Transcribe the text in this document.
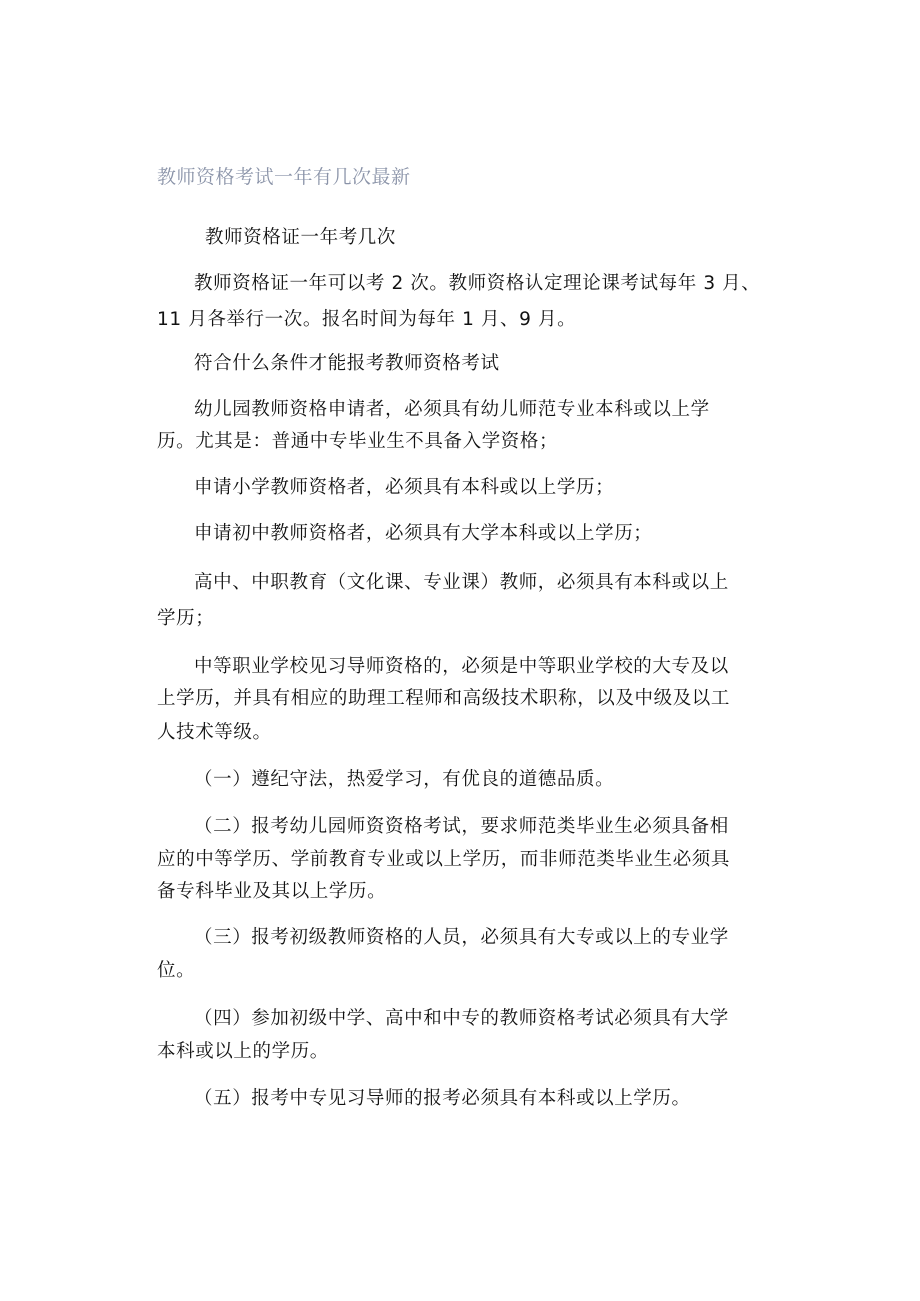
教师资格考试一年有几次最新
教师资格证一年考几次
教师资格证一年可以考 2 次。教师资格认定理论课考试每年 3 月、
11 月各举行一次。报名时间为每年 1 月、9 月。
符合什么条件才能报考教师资格考试
幼儿园教师资格申请者，必须具有幼儿师范专业本科或以上学
历。尤其是：普通中专毕业生不具备入学资格；
申请小学教师资格者，必须具有本科或以上学历；
申请初中教师资格者，必须具有大学本科或以上学历；
高中、中职教育（文化课、专业课）教师，必须具有本科或以上
学历；
中等职业学校见习导师资格的，必须是中等职业学校的大专及以
上学历，并具有相应的助理工程师和高级技术职称，以及中级及以工
人技术等级。
（一）遵纪守法，热爱学习，有优良的道德品质。
（二）报考幼儿园师资资格考试，要求师范类毕业生必须具备相
应的中等学历、学前教育专业或以上学历，而非师范类毕业生必须具
备专科毕业及其以上学历。
（三）报考初级教师资格的人员，必须具有大专或以上的专业学
位。
（四）参加初级中学、高中和中专的教师资格考试必须具有大学
本科或以上的学历。
（五）报考中专见习导师的报考必须具有本科或以上学历。
